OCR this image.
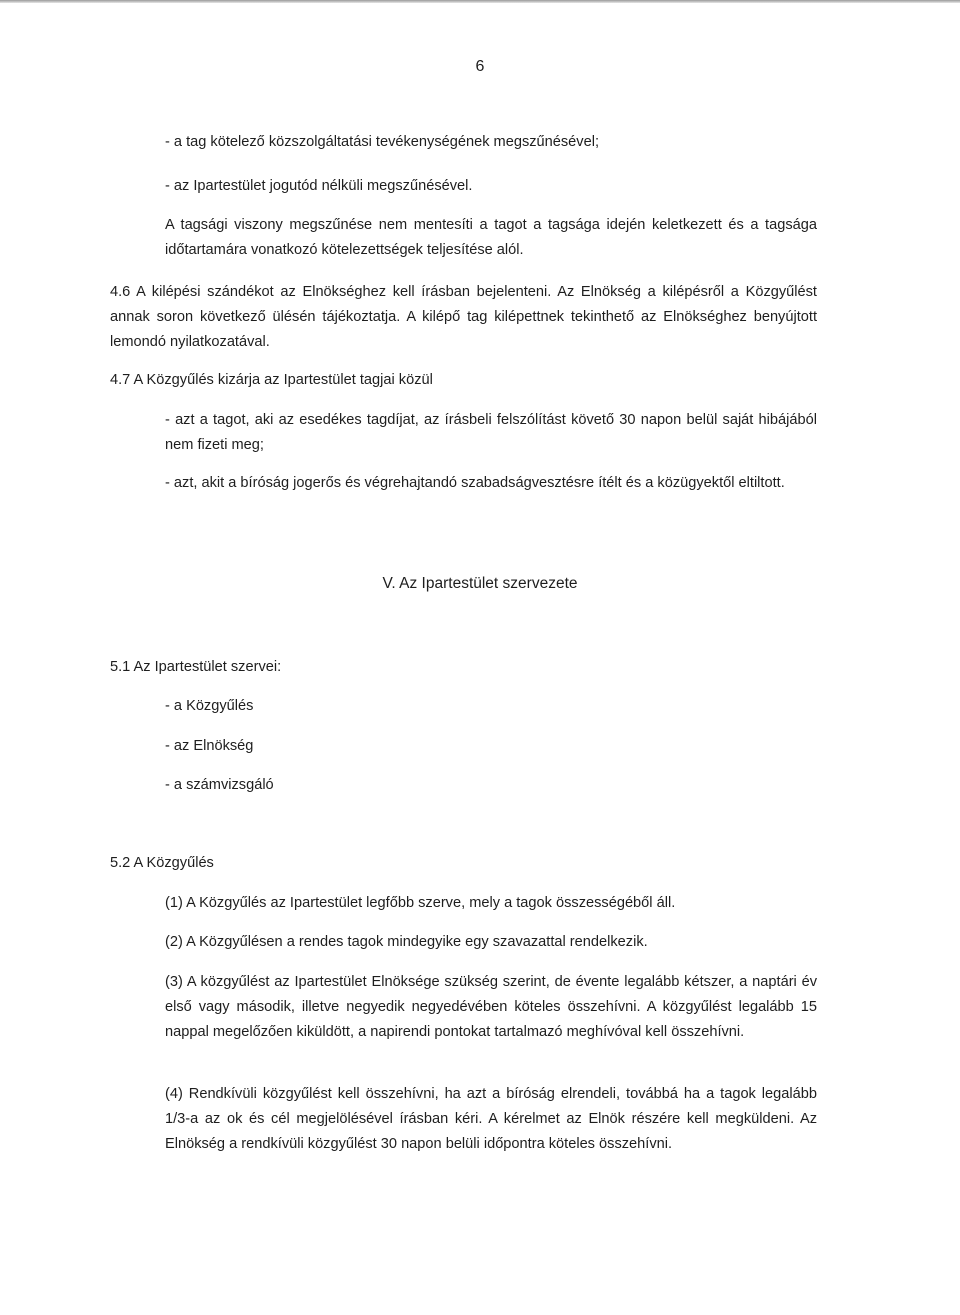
6

- a tag kötelező közszolgáltatási tevékenységének megszűnésével;

- az Ipartestület jogutód nélküli megszűnésével.

A tagsági viszony megszűnése nem mentesíti a tagot a tagsága idején keletkezett és a tagsága időtartamára vonatkozó kötelezettségek teljesítése alól.

4.6 A kilépési szándékot az Elnökséghez kell írásban bejelenteni. Az Elnökség a kilépésről a Közgyűlést annak soron következő ülésén tájékoztatja. A kilépő tag kilépettnek tekinthető az Elnökséghez benyújtott lemondó nyilatkozatával.

4.7 A Közgyűlés kizárja az Ipartestület tagjai közül

- azt a tagot, aki az esedékes tagdíjat, az írásbeli felszólítást követő 30 napon belül saját hibájából nem fizeti meg;

- azt, akit a bíróság jogerős és végrehajtandó szabadságvesztésre ítélt és a közügyektől eltiltott.

V. Az Ipartestület szervezete

5.1 Az Ipartestület szervei:

- a Közgyűlés

- az Elnökség

- a számvizsgáló

5.2 A Közgyűlés

(1) A Közgyűlés az Ipartestület legfőbb szerve, mely a tagok összességéből áll.

(2) A Közgyűlésen a rendes tagok mindegyike egy szavazattal rendelkezik.

(3) A közgyűlést az Ipartestület Elnöksége szükség szerint, de évente legalább kétszer, a naptári év első vagy második, illetve negyedik negyedévében köteles összehívni. A közgyűlést legalább 15 nappal megelőzően kiküldött, a napirendi pontokat tartalmazó meghívóval kell összehívni.

(4) Rendkívüli közgyűlést kell összehívni, ha azt a bíróság elrendeli, továbbá ha a tagok legalább 1/3-a az ok és cél megjelölésével írásban kéri. A kérelmet az Elnök részére kell megküldeni. Az Elnökség a rendkívüli közgyűlést 30 napon belüli időpontra köteles összehívni.
